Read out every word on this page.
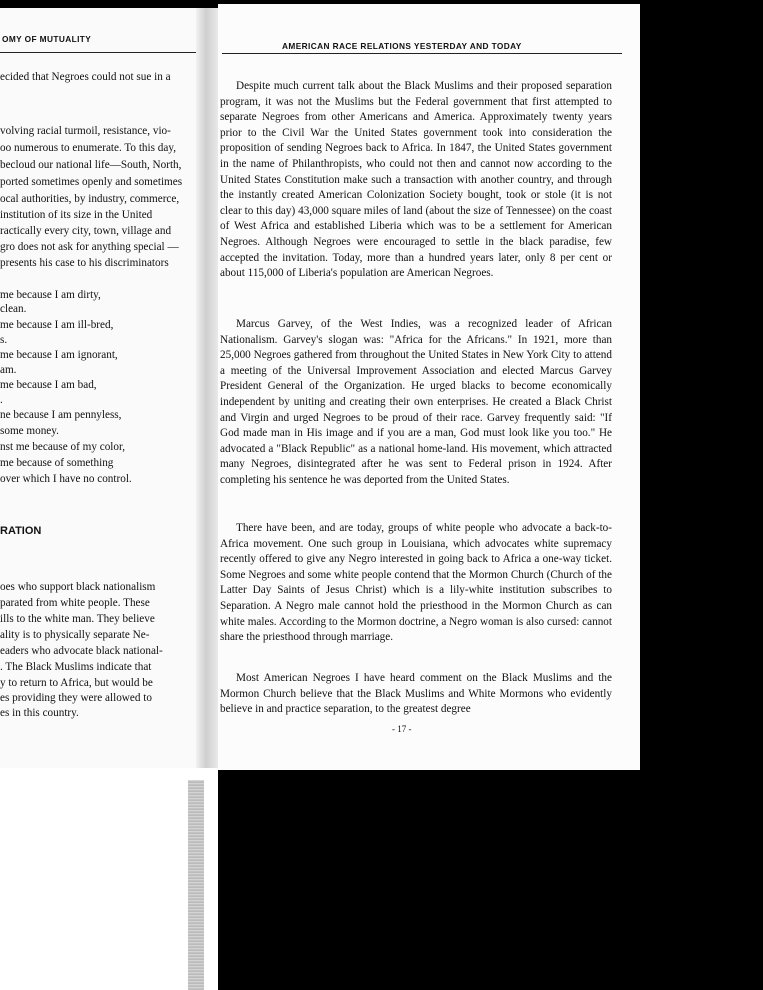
OMY OF MUTUALITY
ecided that Negroes could not sue in a
volving racial turmoil, resistance, vio-
oo numerous to enumerate. To this day,
becloud our national life—South, North,
ported sometimes openly and sometimes
ocal authorities, by industry, commerce,
institution of its size in the United
ractically every city, town, village and
gro does not ask for anything special —
presents his case to his discriminators
me because I am dirty,
clean.
me because I am ill-bred,
s.
me because I am ignorant,
am.
me because I am bad,
.
ne because I am pennyless,
some money.
nst me because of my color,
me because of something
over which I have no control.
RATION
oes who support black nationalism
parated from white people. These
ills to the white man. They believe
ality is to physically separate Ne-
eaders who advocate black national-
. The Black Muslims indicate that
y to return to Africa, but would be
es providing they were allowed to
es in this country.
AMERICAN RACE RELATIONS YESTERDAY AND TODAY

Despite much current talk about the Black Muslims and their proposed separation program, it was not the Muslims but the Federal government that first attempted to separate Negroes from other Americans and America. Approximately twenty years prior to the Civil War the United States government took into consideration the proposition of sending Negroes back to Africa. In 1847, the United States government in the name of Philanthropists, who could not then and cannot now according to the United States Constitution make such a transaction with another country, and through the instantly created American Colonization Society bought, took or stole (it is not clear to this day) 43,000 square miles of land (about the size of Tennessee) on the coast of West Africa and established Liberia which was to be a settlement for American Negroes. Although Negroes were encouraged to settle in the black paradise, few accepted the invitation. Today, more than a hundred years later, only 8 per cent or about 115,000 of Liberia's population are American Negroes.

Marcus Garvey, of the West Indies, was a recognized leader of African Nationalism. Garvey's slogan was: "Africa for the Africans." In 1921, more than 25,000 Negroes gathered from throughout the United States in New York City to attend a meeting of the Universal Improvement Association and elected Marcus Garvey President General of the Organization. He urged blacks to become economically independent by uniting and creating their own enterprises. He created a Black Christ and Virgin and urged Negroes to be proud of their race. Garvey frequently said: "If God made man in His image and if you are a man, God must look like you too." He advocated a "Black Republic" as a national home-land. His movement, which attracted many Negroes, disintegrated after he was sent to Federal prison in 1924. After completing his sentence he was deported from the United States.

There have been, and are today, groups of white people who advocate a back-to-Africa movement. One such group in Louisiana, which advocates white supremacy recently offered to give any Negro interested in going back to Africa a one-way ticket. Some Negroes and some white people contend that the Mormon Church (Church of the Latter Day Saints of Jesus Christ) which is a lily-white institution subscribes to Separation. A Negro male cannot hold the priesthood in the Mormon Church as can white males. According to the Mormon doctrine, a Negro woman is also cursed: cannot share the priesthood through marriage.

Most American Negroes I have heard comment on the Black Muslims and the Mormon Church believe that the Black Muslims and White Mormons who evidently believe in and practice separation, to the greatest degree

- 17 -
